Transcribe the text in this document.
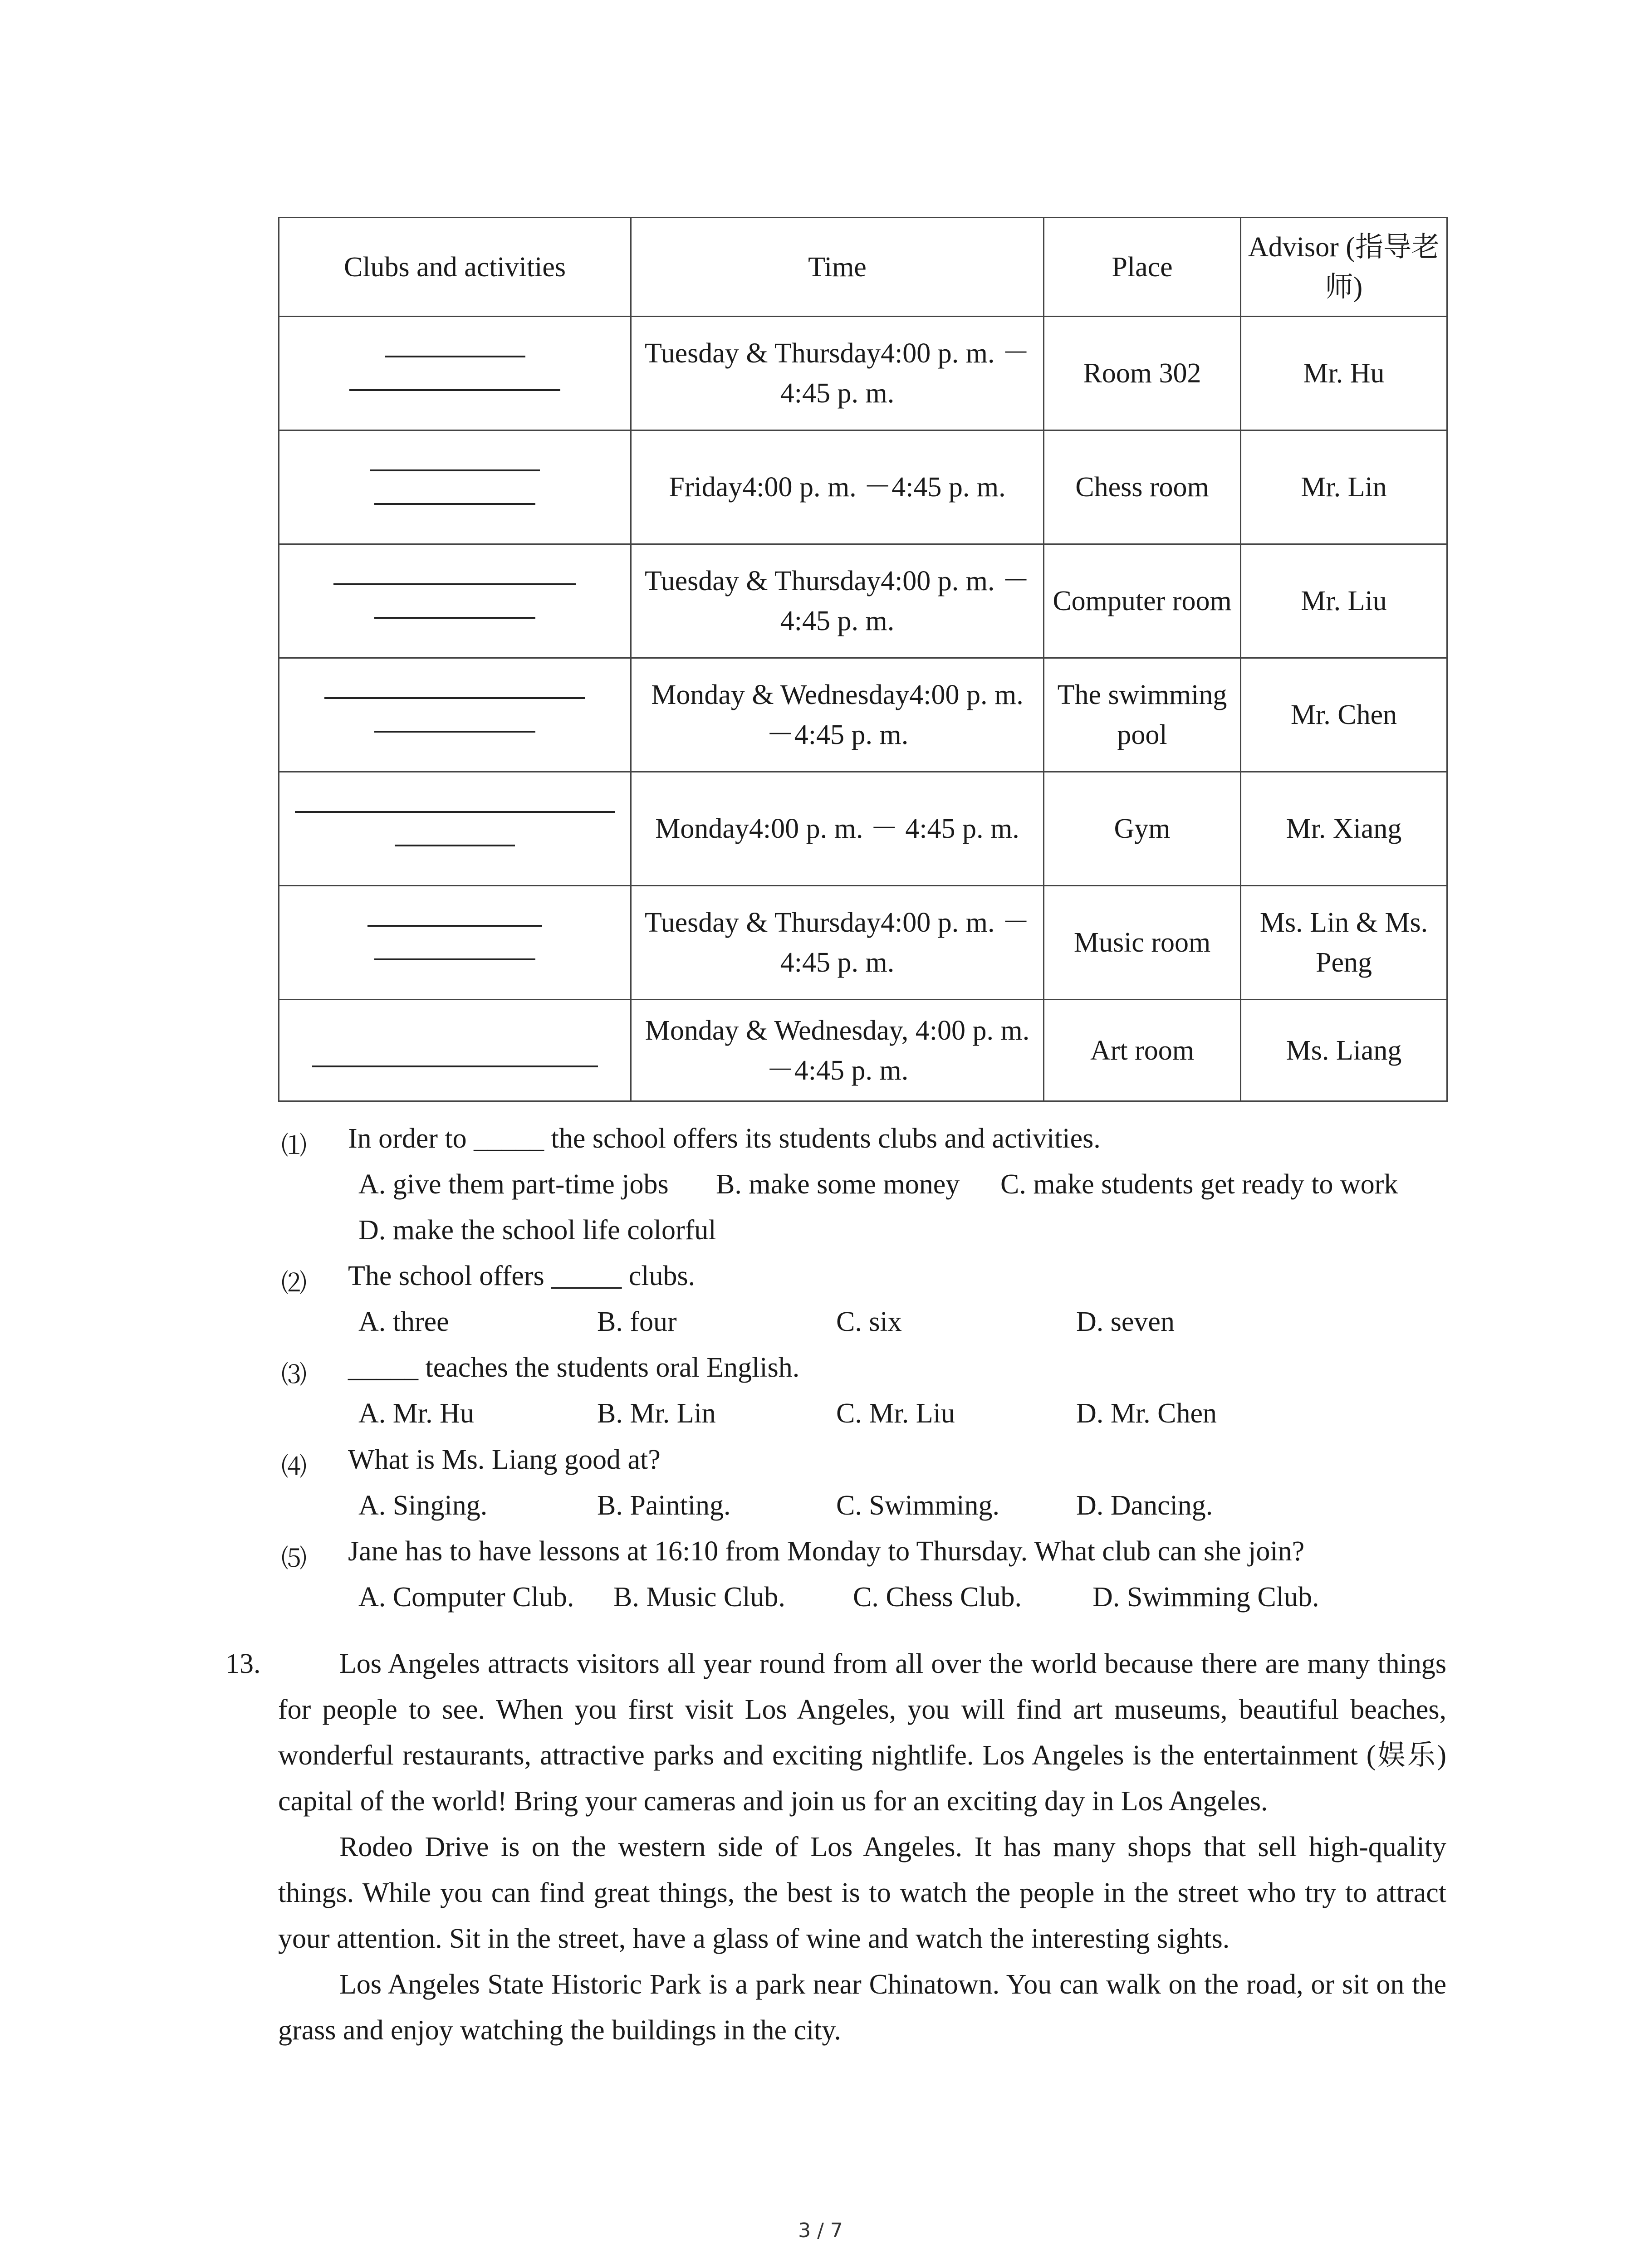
Clubs and activities	Time	Place	Advisor (指导老师)

	Tuesday & Thursday4:00 p. m. － 4:45 p. m.	Room 302	Mr. Hu

	Friday4:00 p. m. －4:45 p. m.	Chess room	Mr. Lin

	Tuesday & Thursday4:00 p. m. － 4:45 p. m.	Computer room	Mr. Liu

	Monday & Wednesday4:00 p. m. －4:45 p. m.	The swimming pool	Mr. Chen

	Monday4:00 p. m. － 4:45 p. m.	Gym	Mr. Xiang

	Tuesday & Thursday4:00 p. m. －4:45 p. m.	Music room	Ms. Lin & Ms. Peng

	Monday & Wednesday, 4:00 p. m. －4:45 p. m.	Art room	Ms. Liang
⑴ In order to _____ the school offers its students clubs and activities.
A. give them part-time jobs B. make some money C. make students get ready to work
D. make the school life colorful
⑵ The school offers _____ clubs.
A. three	B. four	C. six	D. seven
⑶ _____ teaches the students oral English.
A. Mr. Hu	B. Mr. Lin	C. Mr. Liu	D. Mr. Chen
⑷ What is Ms. Liang good at?
A. Singing.	B. Painting.	C. Swimming.	D. Dancing.
⑸ Jane has to have lessons at 16:10 from Monday to Thursday. What club can she join?
A. Computer Club. B. Music Club. C. Chess Club.	D. Swimming Club.
13.	Los Angeles attracts visitors all year round from all over the world because there are many things for people to see. When you first visit Los Angeles, you will find art museums, beautiful beaches, wonderful restaurants, attractive parks and exciting nightlife. Los Angeles is the entertainment (娱乐) capital of the world! Bring your cameras and join us for an exciting day in Los Angeles.

Rodeo Drive is on the western side of Los Angeles. It has many shops that sell high-quality things. While you can find great things, the best is to watch the people in the street who try to attract your attention. Sit in the street, have a glass of wine and watch the interesting sights.

Los Angeles State Historic Park is a park near Chinatown. You can walk on the road, or sit on the grass and enjoy watching the buildings in the city.

3 / 7
